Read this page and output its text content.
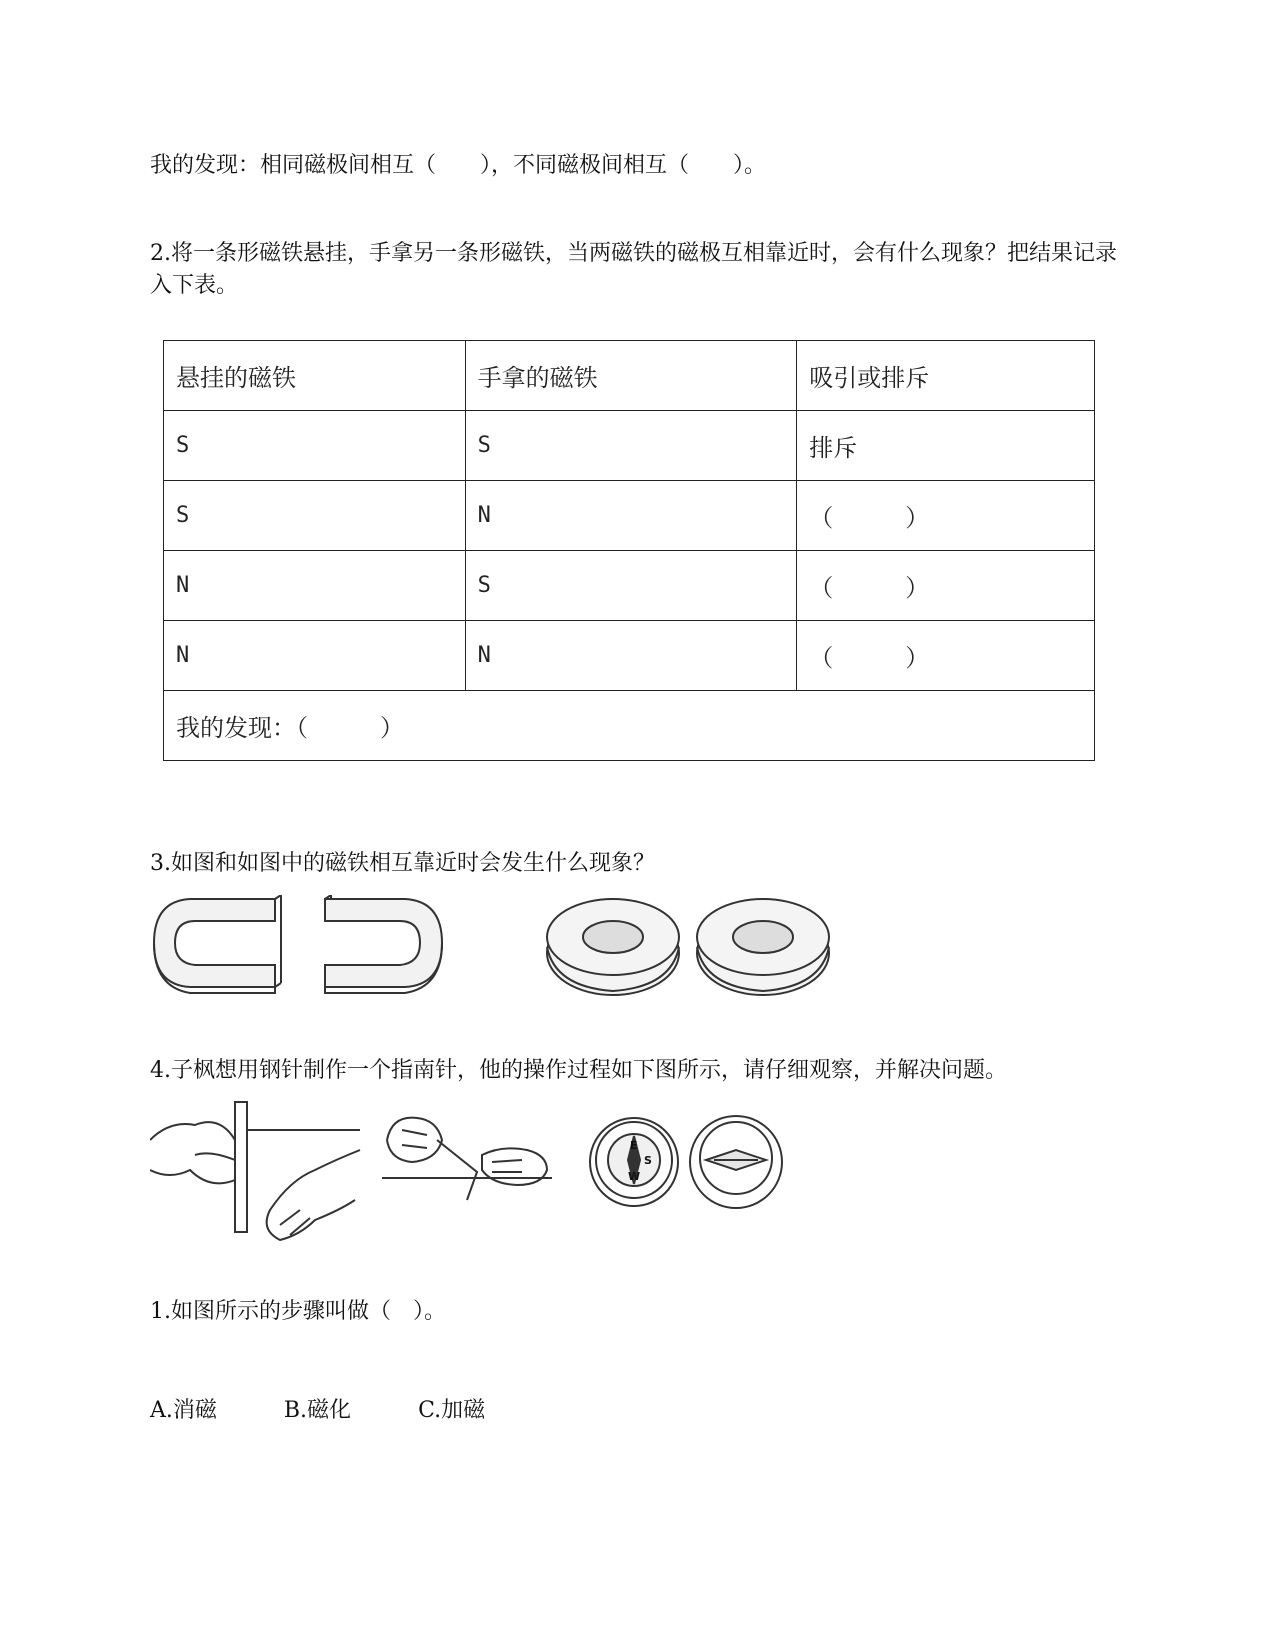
我的发现：相同磁极间相互（　　），不同磁极间相互（　　）。
2.将一条形磁铁悬挂，手拿另一条形磁铁，当两磁铁的磁极互相靠近时，会有什么现象？把结果记录入下表。
悬挂的磁铁	手拿的磁铁	吸引或排斥
S	S	排斥
S	N	（　　　）
N	S	（　　　）
N	N	（　　　）
我的发现：（　　　）		
3.如图和如图中的磁铁相互靠近时会发生什么现象？
4.子枫想用钢针制作一个指南针，他的操作过程如下图所示，请仔细观察，并解决问题。
E
S
W
1.如图所示的步骤叫做（　）。
A.消磁	B.磁化	C.加磁
